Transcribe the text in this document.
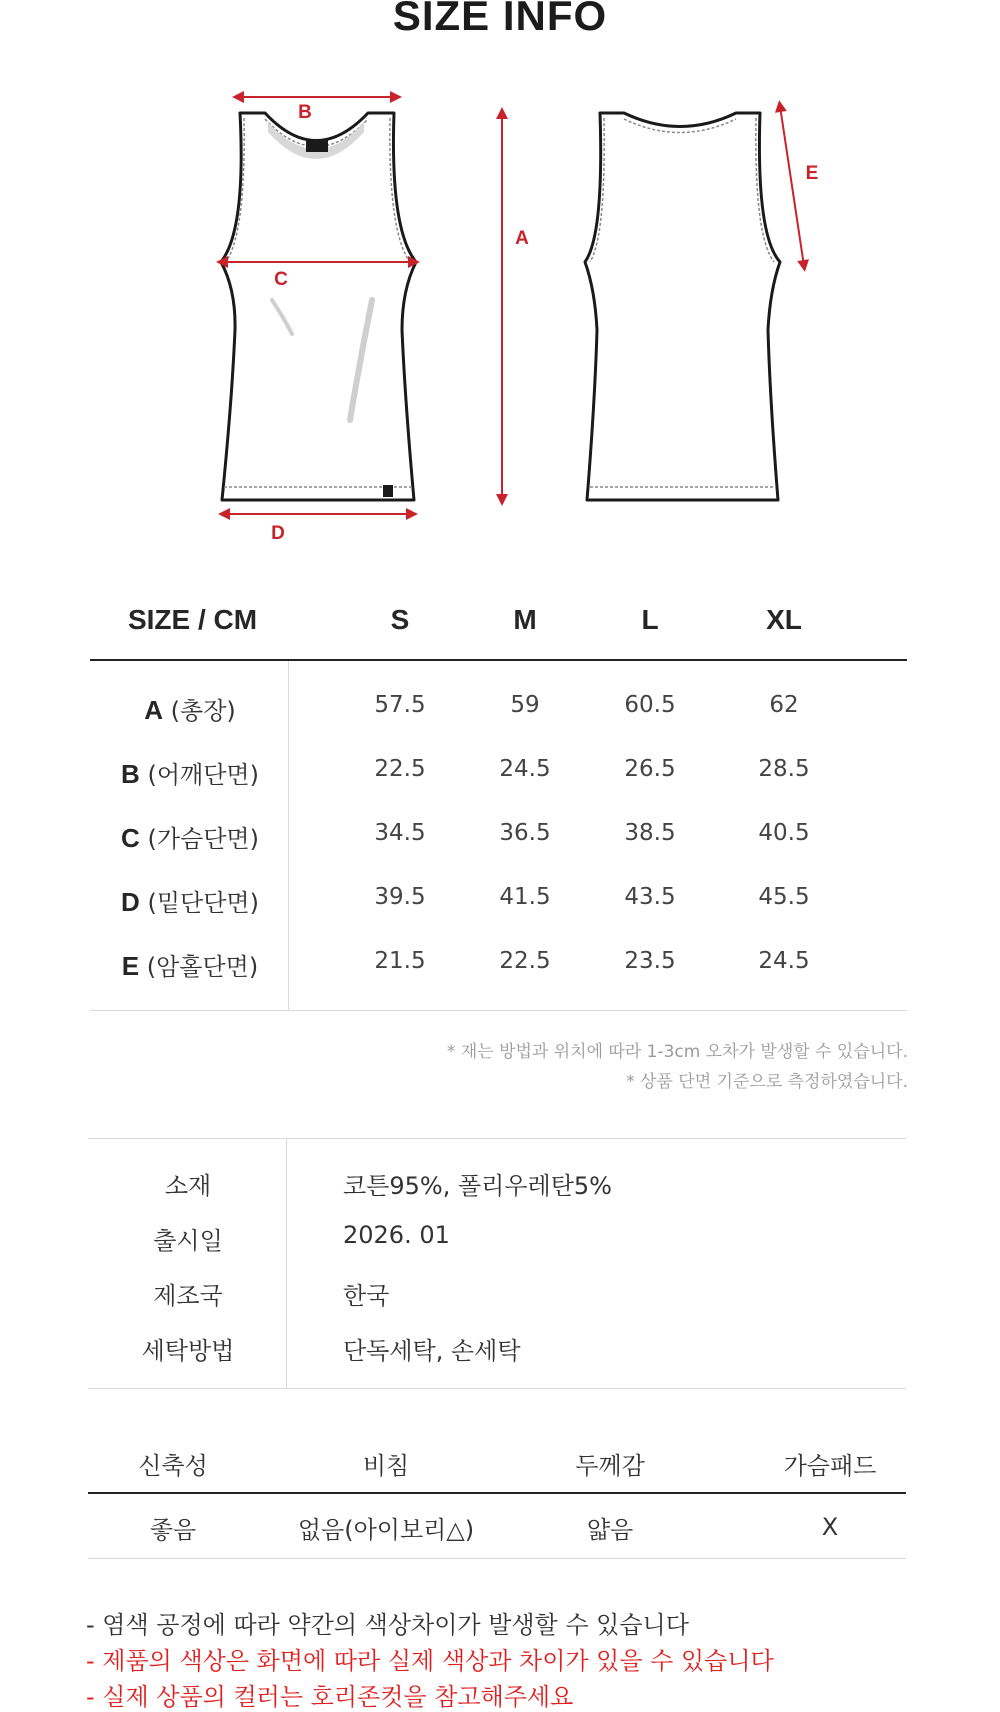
SIZE INFO
B
C
D
A
E
SIZE / CM	S	M	L	XL
A (총장)	57.5	59	60.5	62
B (어깨단면)	22.5	24.5	26.5	28.5
C (가슴단면)	34.5	36.5	38.5	40.5
D (밑단단면)	39.5	41.5	43.5	45.5
E (암홀단면)	21.5	22.5	23.5	24.5
* 재는 방법과 위치에 따라 1-3cm 오차가 발생할 수 있습니다.
* 상품 단면 기준으로 측정하였습니다.
소재	코튼95%, 폴리우레탄5%
출시일	2026. 01
제조국	한국
세탁방법	단독세탁, 손세탁
신축성	비침	두께감	가슴패드
좋음	없음(아이보리△)	얇음	X
- 염색 공정에 따라 약간의 색상차이가 발생할 수 있습니다
- 제품의 색상은 화면에 따라 실제 색상과 차이가 있을 수 있습니다
- 실제 상품의 컬러는 호리존컷을 참고해주세요
